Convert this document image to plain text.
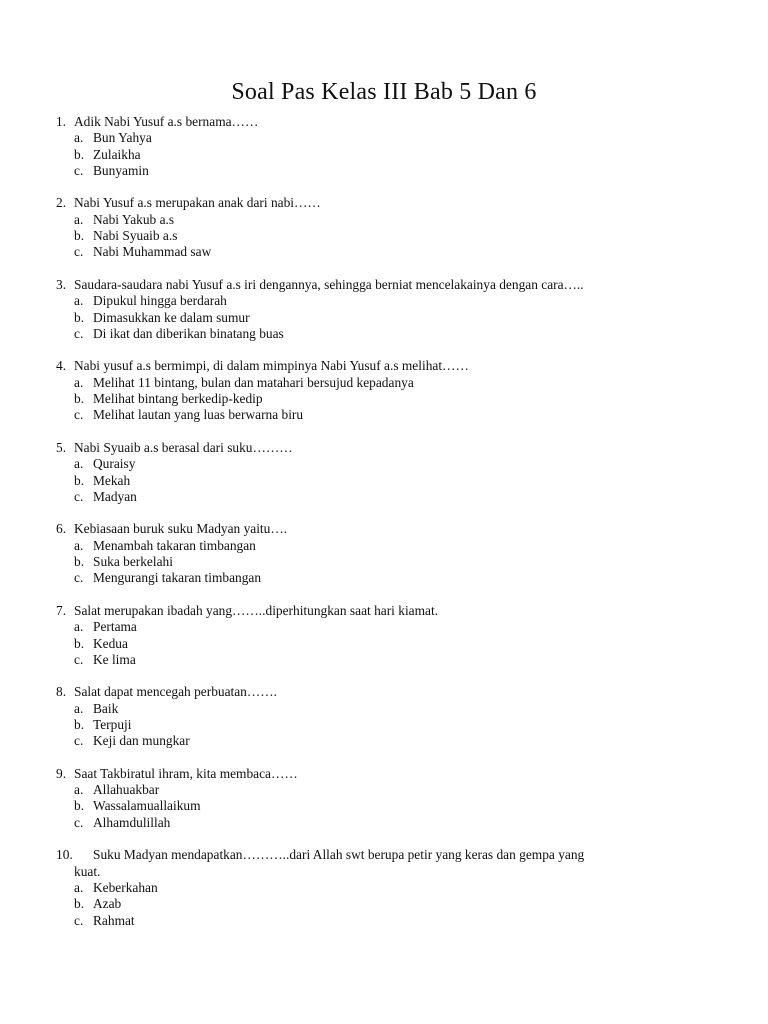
Soal Pas Kelas III Bab 5 Dan 6
1. Adik Nabi Yusuf a.s bernama……
a. Bun Yahya
b. Zulaikha
c. Bunyamin
2. Nabi Yusuf a.s merupakan anak dari nabi……
a. Nabi Yakub a.s
b. Nabi Syuaib a.s
c. Nabi Muhammad saw
3. Saudara-saudara nabi Yusuf a.s iri dengannya, sehingga berniat mencelakainya dengan cara…..
a. Dipukul hingga berdarah
b. Dimasukkan ke dalam sumur
c. Di ikat dan diberikan binatang buas
4. Nabi yusuf a.s bermimpi, di dalam mimpinya Nabi Yusuf a.s melihat……
a. Melihat 11 bintang, bulan dan matahari bersujud kepadanya
b. Melihat bintang berkedip-kedip
c. Melihat lautan yang luas berwarna biru
5. Nabi Syuaib a.s berasal dari suku………
a. Quraisy
b. Mekah
c. Madyan
6. Kebiasaan buruk suku Madyan yaitu….
a. Menambah takaran timbangan
b. Suka berkelahi
c. Mengurangi takaran timbangan
7. Salat merupakan ibadah yang……..diperhitungkan saat hari kiamat.
a. Pertama
b. Kedua
c. Ke lima
8. Salat dapat mencegah perbuatan…….
a. Baik
b. Terpuji
c. Keji dan mungkar
9. Saat Takbiratul ihram, kita membaca……
a. Allahuakbar
b. Wassalamuallaikum
c. Alhamdulillah
10.	Suku Madyan mendapatkan………..dari Allah swt berupa petir yang keras dan gempa yang
kuat.
a. Keberkahan
b. Azab
c. Rahmat
